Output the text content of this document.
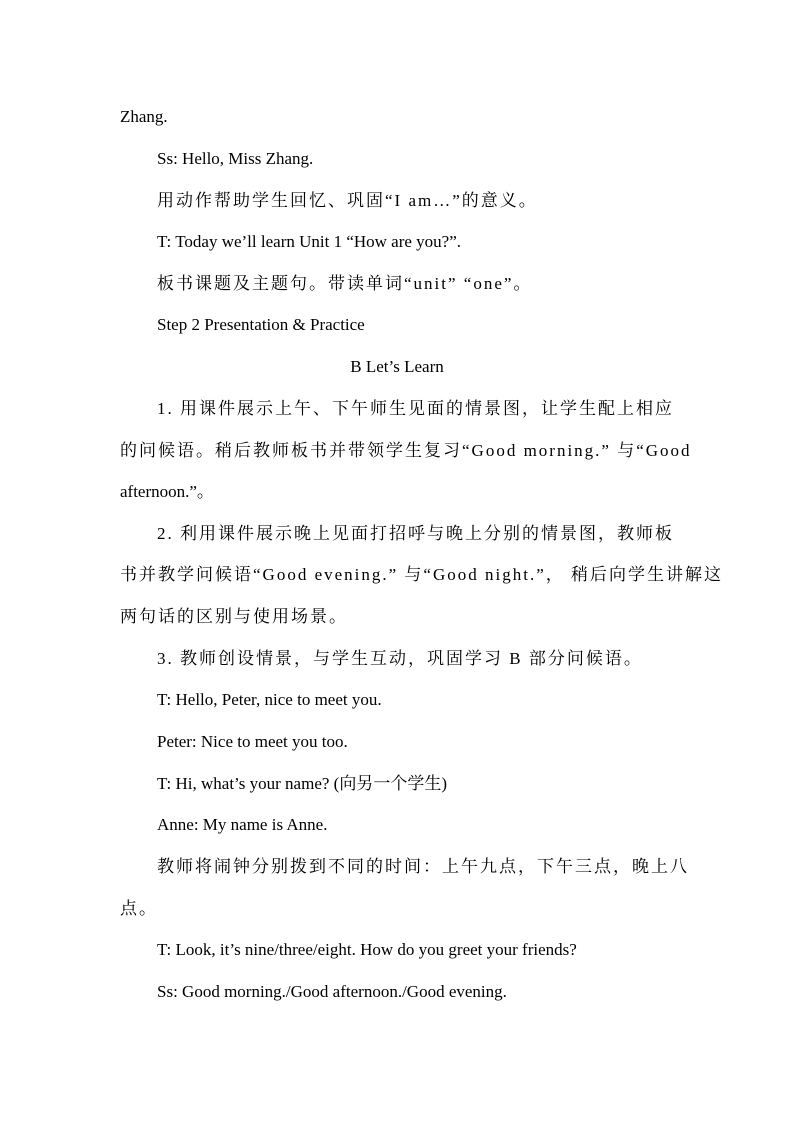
Zhang.
Ss: Hello, Miss Zhang.
用动作帮助学生回忆、巩固“I am…”的意义。
T: Today we’ll learn Unit 1 “How are you?”.
板书课题及主题句。带读单词“unit” “one”。
Step 2 Presentation & Practice
B Let’s Learn
1. 用课件展示上午、下午师生见面的情景图，让学生配上相应
的问候语。稍后教师板书并带领学生复习“Good morning.” 与“Good
afternoon.”。
2. 利用课件展示晚上见面打招呼与晚上分别的情景图，教师板
书并教学问候语“Good evening.” 与“Good night.”， 稍后向学生讲解这
两句话的区别与使用场景。
3. 教师创设情景，与学生互动，巩固学习 B 部分问候语。
T: Hello, Peter, nice to meet you.
Peter: Nice to meet you too.
T: Hi, what’s your name? (向另一个学生)
Anne: My name is Anne.
教师将闹钟分别拨到不同的时间：上午九点，下午三点，晚上八
点。
T: Look, it’s nine/three/eight. How do you greet your friends?
Ss: Good morning./Good afternoon./Good evening.
